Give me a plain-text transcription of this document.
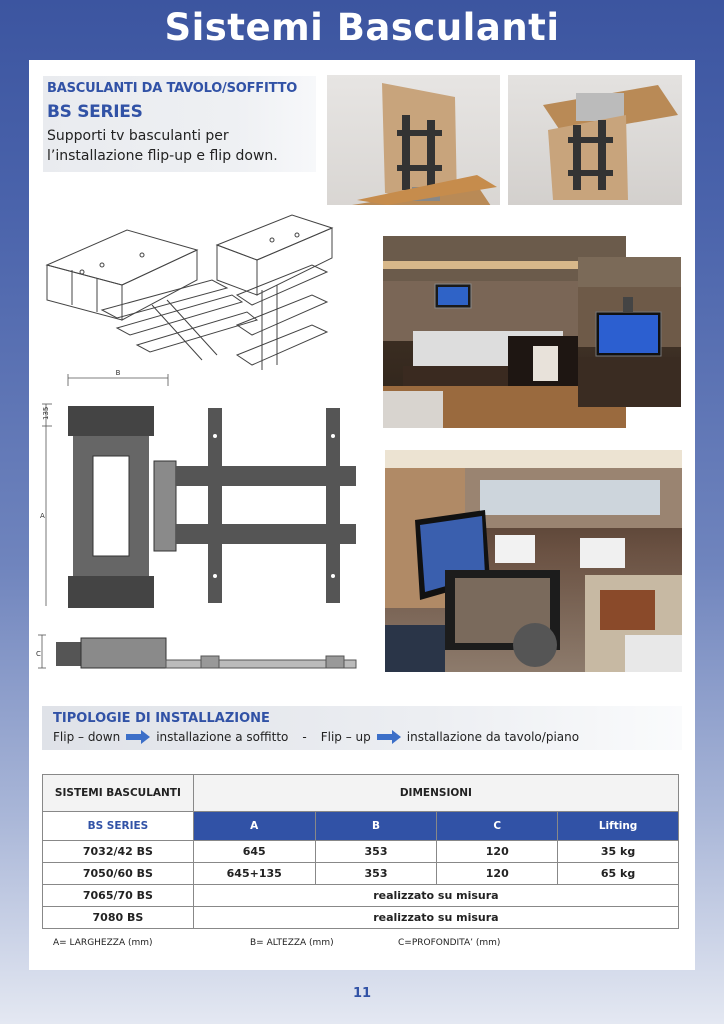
Sistemi Basculanti
BASCULANTI DA TAVOLO/SOFFITTO
BS SERIES
Supporti tv basculanti per l’installazione flip-up e flip down.
B
135
A
C
TIPOLOGIE DI INSTALLAZIONE
Flip – down	installazione a soffitto - Flip – up	installazione da tavolo/piano
SISTEMI BASCULANTI	DIMENSIONI			
BS SERIES	A	B	C	Lifting
7032/42 BS	645	353	120	35 kg
7050/60 BS	645+135	353	120	65 kg
7065/70 BS	realizzato su misura			
7080 BS	realizzato su misura			
A= LARGHEZZA (mm)	B= ALTEZZA (mm)	C=PROFONDITA’ (mm)
11
